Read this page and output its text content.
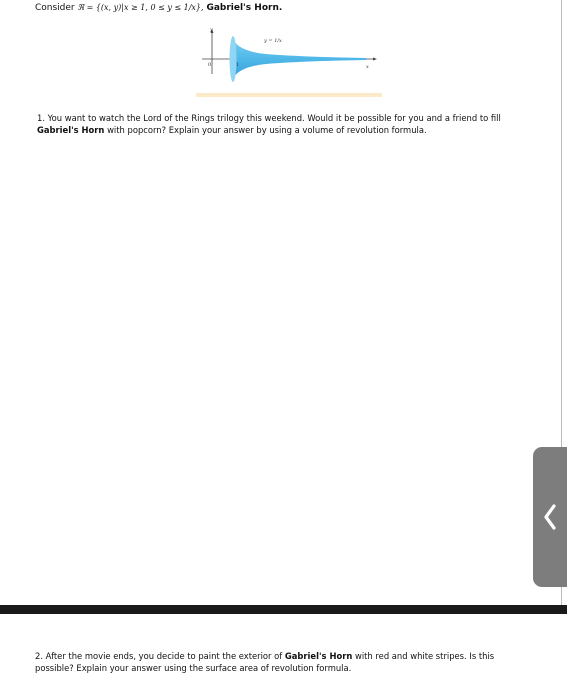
Consider ℜ = {(x, y)|x ≥ 1, 0 ≤ y ≤ 1/x}, Gabriel's Horn.
y
x
0	1
y = 1/x
1. You want to watch the Lord of the Rings trilogy this weekend. Would it be possible for you and a friend to fill Gabriel's Horn with popcorn? Explain your answer by using a volume of revolution formula.
2. After the movie ends, you decide to paint the exterior of Gabriel's Horn with red and white stripes. Is this possible? Explain your answer using the surface area of revolution formula.
